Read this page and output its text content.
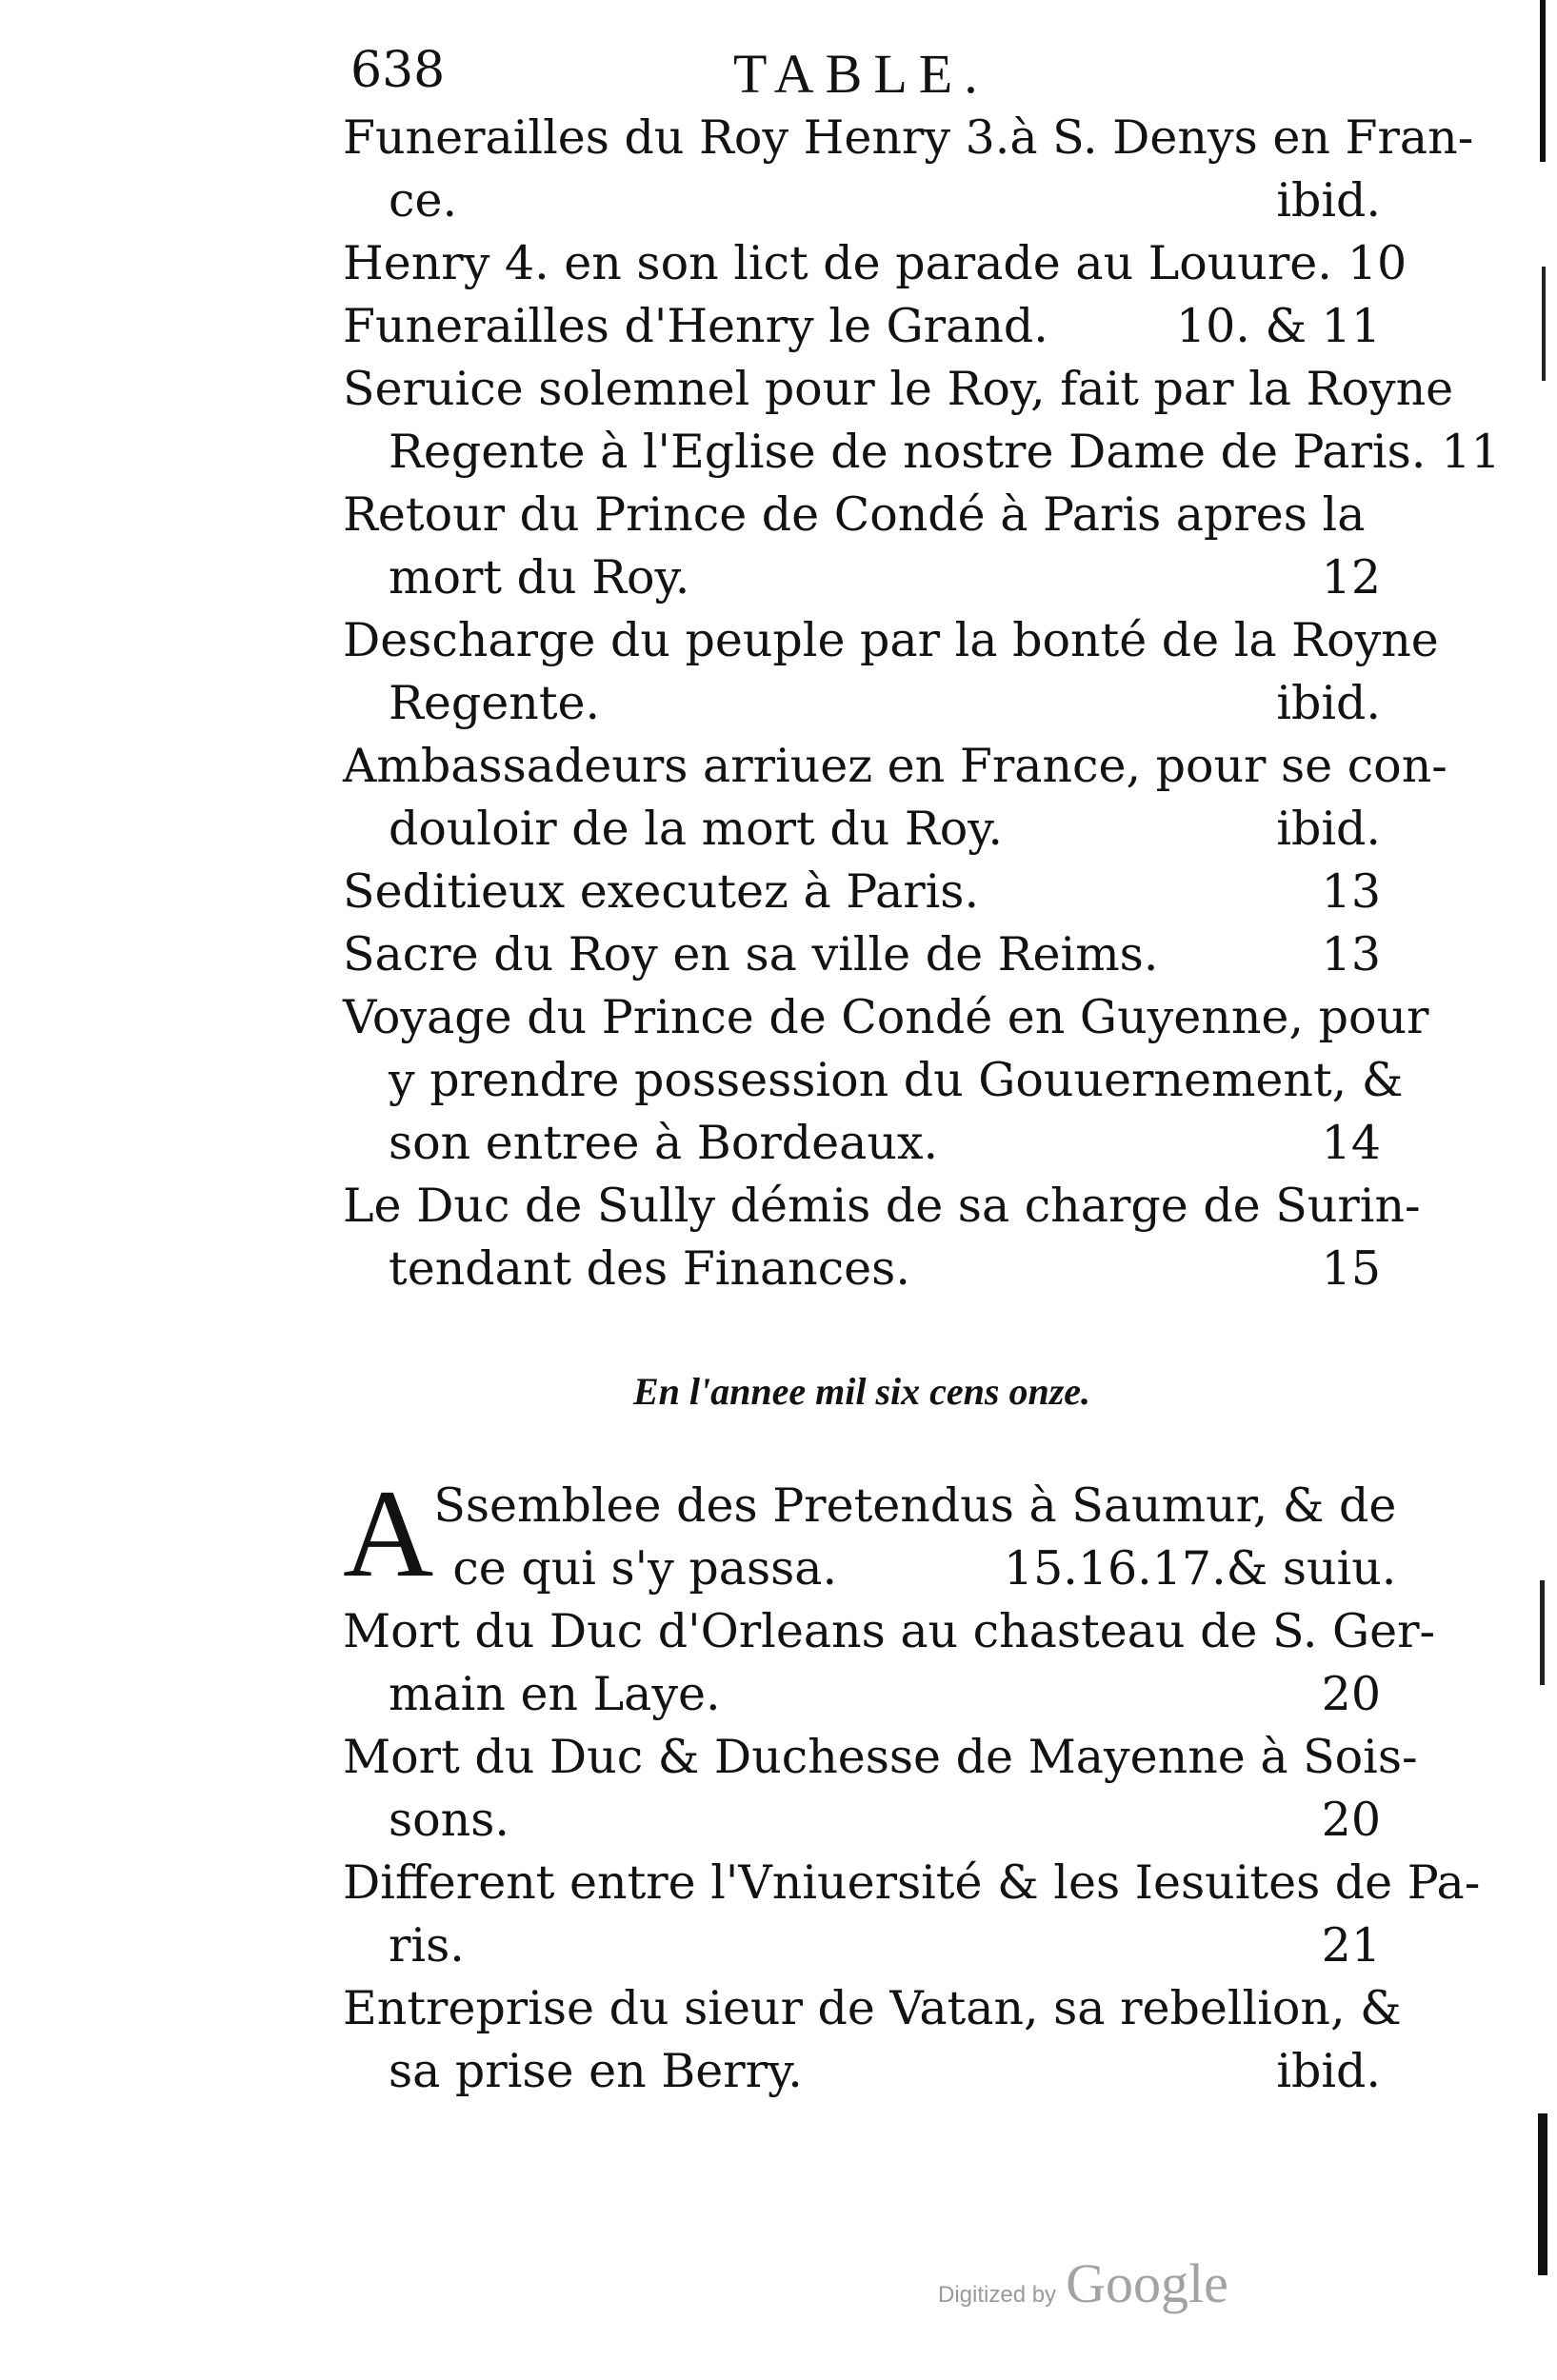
638	TABLE.
Funerailles du Roy Henry 3.à S. Denys en Fran-
ce.	ibid.
Henry 4. en son lict de parade au Louure. 10
Funerailles d'Henry le Grand.	10. & 11
Seruice solemnel pour le Roy, fait par la Royne
Regente à l'Eglise de nostre Dame de Paris. 11
Retour du Prince de Condé à Paris apres la
mort du Roy.	12
Descharge du peuple par la bonté de la Royne
Regente.	ibid.
Ambassadeurs arriuez en France, pour se con-
douloir de la mort du Roy.	ibid.
Seditieux executez à Paris.	13
Sacre du Roy en sa ville de Reims.	13
Voyage du Prince de Condé en Guyenne, pour
y prendre possession du Gouuernement, &
son entree à Bordeaux.	14
Le Duc de Sully démis de sa charge de Surin-
tendant des Finances.	15
En l'annee mil six cens onze.
A Ssemblee des Pretendus à Saumur, & de
ce qui s'y passa.	15.16.17.& suiu.
Mort du Duc d'Orleans au chasteau de S. Ger-
main en Laye.	20
Mort du Duc & Duchesse de Mayenne à Sois-
sons.	20
Different entre l'Vniuersité & les Iesuites de Pa-
ris.	21
Entreprise du sieur de Vatan, sa rebellion, &
sa prise en Berry.	ibid.
Digitized by Google
